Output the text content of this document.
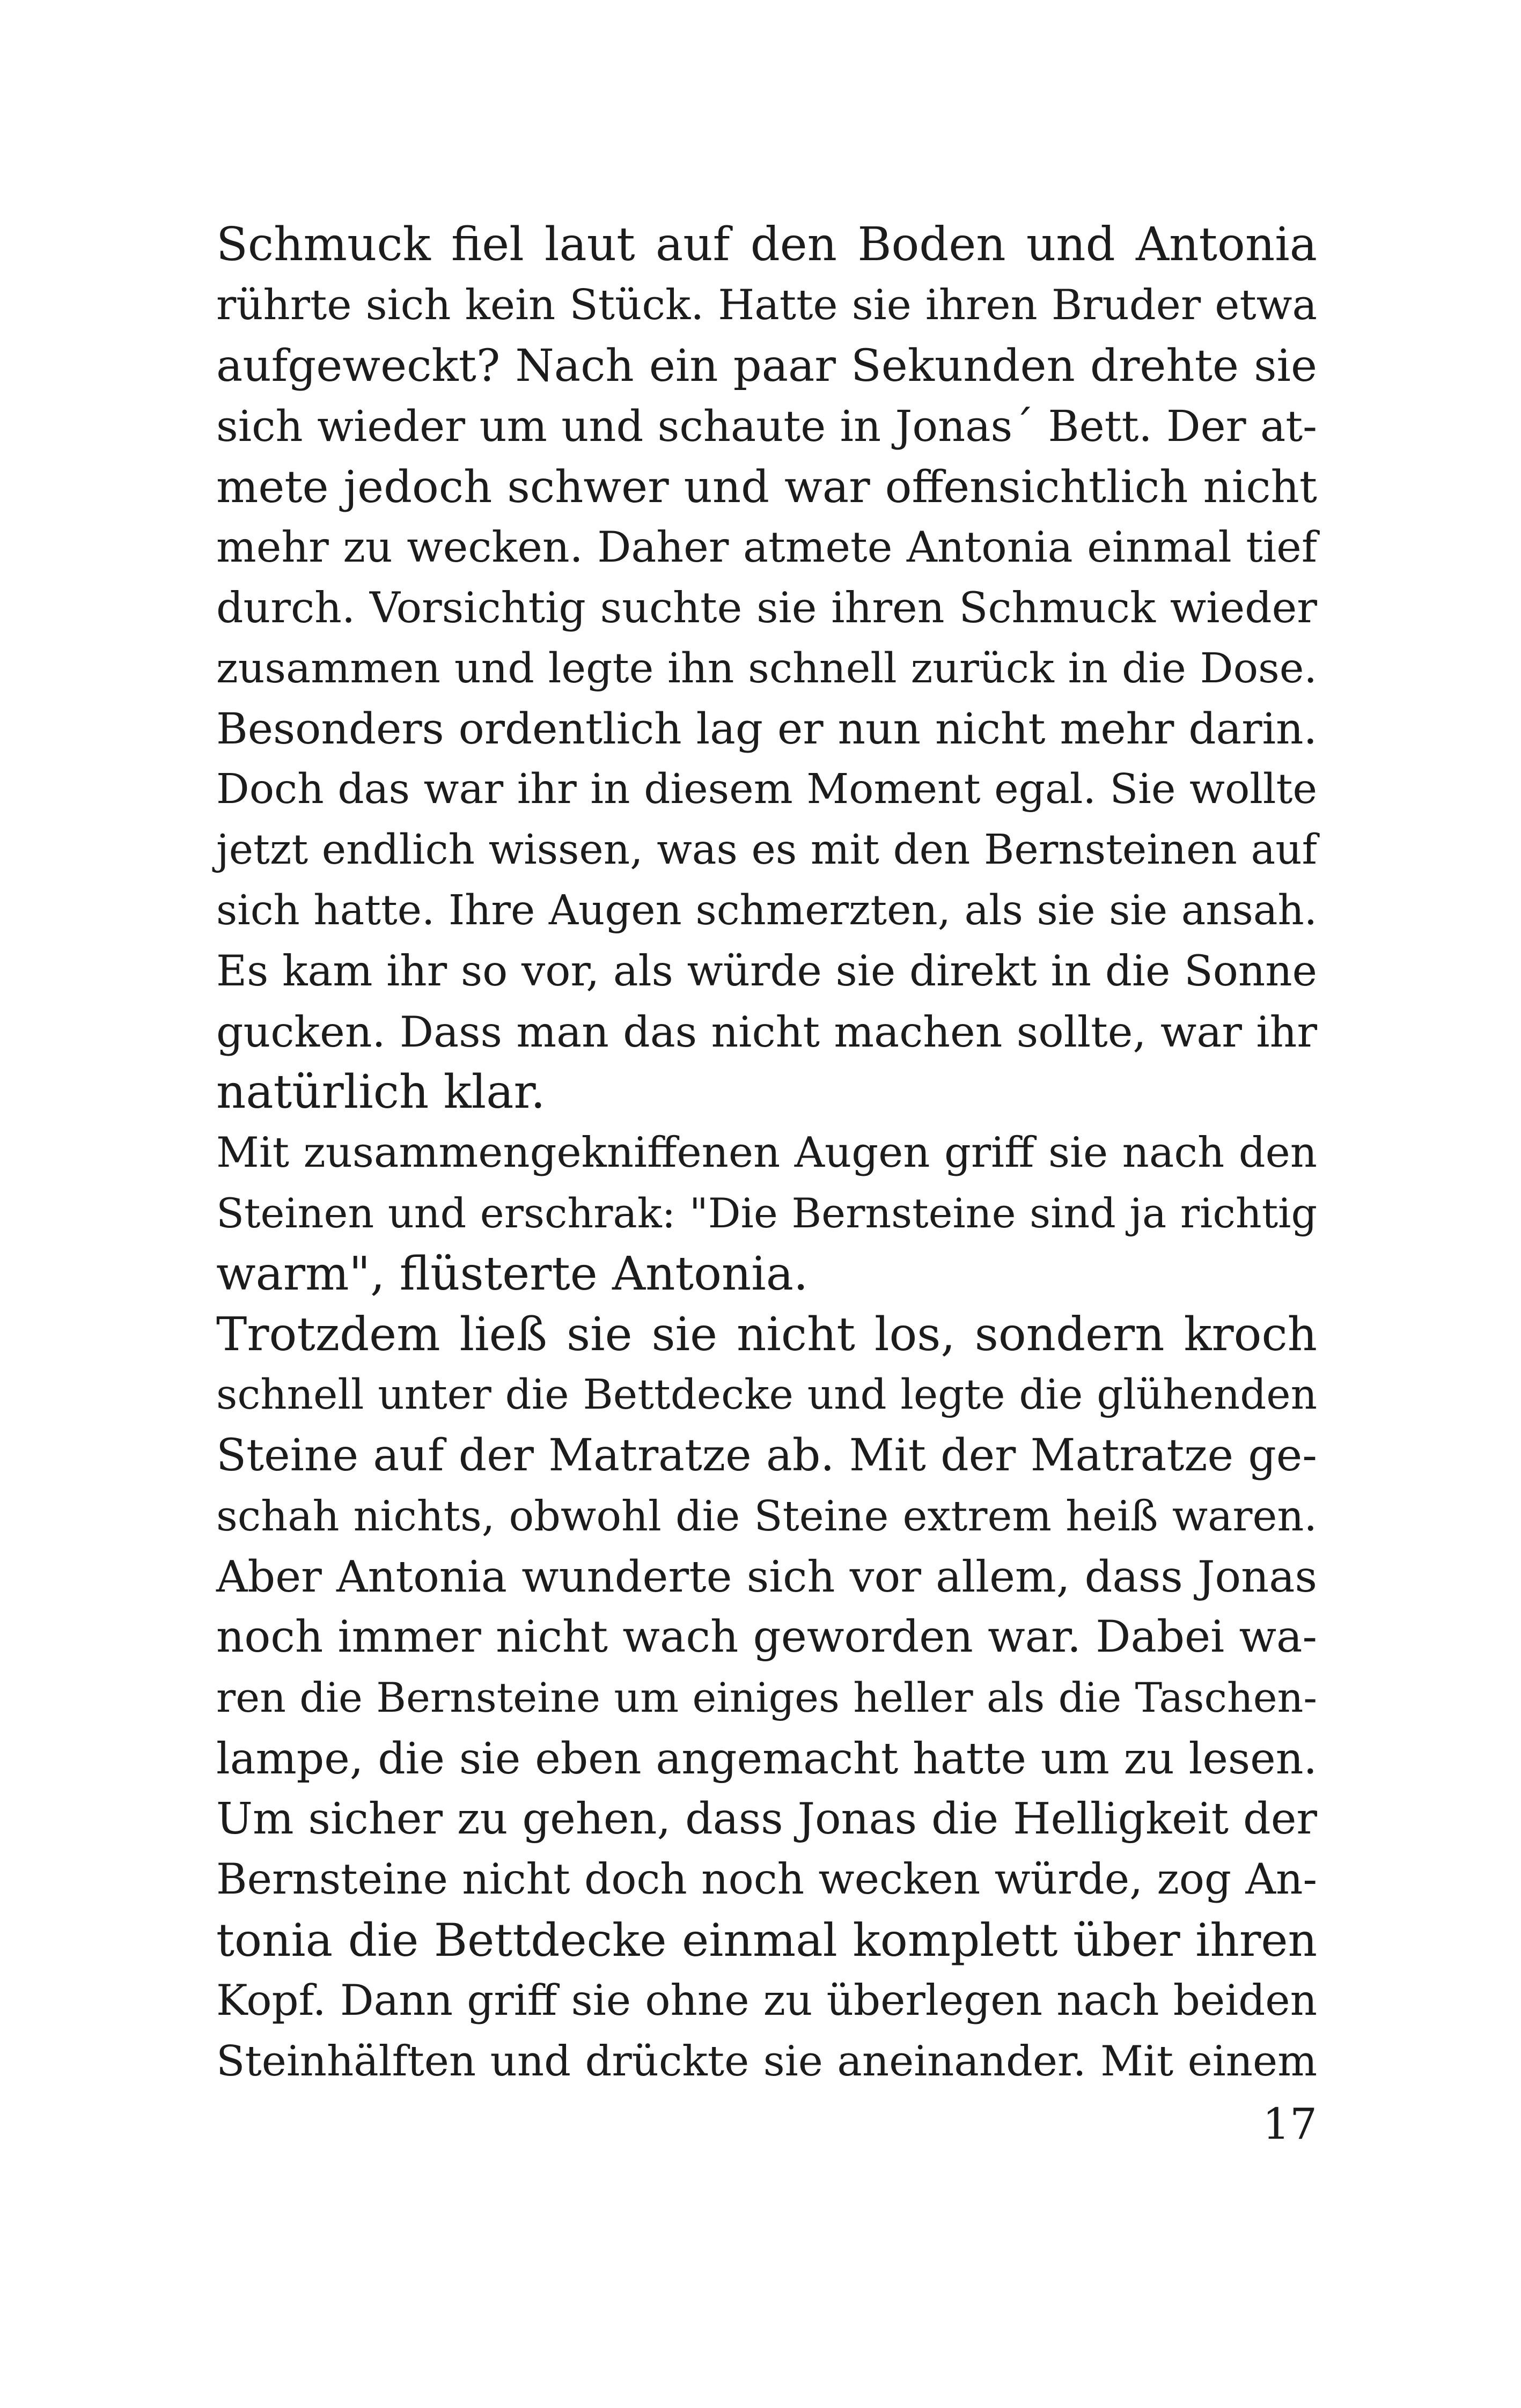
Schmuck fiel laut auf den Boden und Antonia
rührte sich kein Stück. Hatte sie ihren Bruder etwa
aufgeweckt? Nach ein paar Sekunden drehte sie
sich wieder um und schaute in Jonas´ Bett. Der at-
mete jedoch schwer und war offensichtlich nicht
mehr zu wecken. Daher atmete Antonia einmal tief
durch. Vorsichtig suchte sie ihren Schmuck wieder
zusammen und legte ihn schnell zurück in die Dose.
Besonders ordentlich lag er nun nicht mehr darin.
Doch das war ihr in diesem Moment egal. Sie wollte
jetzt endlich wissen, was es mit den Bernsteinen auf
sich hatte. Ihre Augen schmerzten, als sie sie ansah.
Es kam ihr so vor, als würde sie direkt in die Sonne
gucken. Dass man das nicht machen sollte, war ihr
natürlich klar.
Mit zusammengekniffenen Augen griff sie nach den
Steinen und erschrak: "Die Bernsteine sind ja richtig
warm", flüsterte Antonia.
Trotzdem ließ sie sie nicht los, sondern kroch
schnell unter die Bettdecke und legte die glühenden
Steine auf der Matratze ab. Mit der Matratze ge-
schah nichts, obwohl die Steine extrem heiß waren.
Aber Antonia wunderte sich vor allem, dass Jonas
noch immer nicht wach geworden war. Dabei wa-
ren die Bernsteine um einiges heller als die Taschen-
lampe, die sie eben angemacht hatte um zu lesen.
Um sicher zu gehen, dass Jonas die Helligkeit der
Bernsteine nicht doch noch wecken würde, zog An-
tonia die Bettdecke einmal komplett über ihren
Kopf. Dann griff sie ohne zu überlegen nach beiden
Steinhälften und drückte sie aneinander. Mit einem
17
